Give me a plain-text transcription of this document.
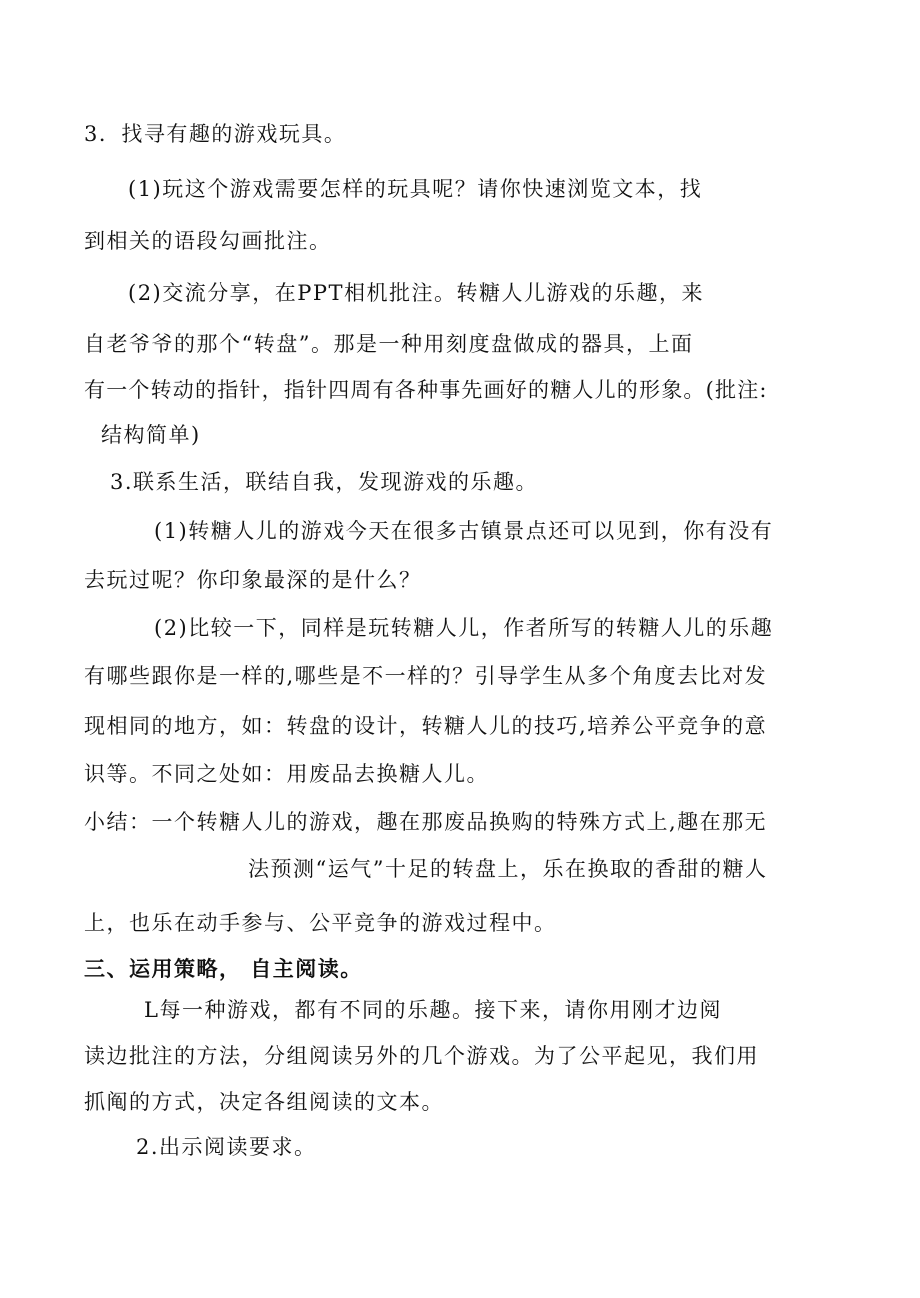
3．找寻有趣的游戏玩具。
(1)玩这个游戏需要怎样的玩具呢？请你快速浏览文本，找
到相关的语段勾画批注。
(2)交流分享，在PPT相机批注。转糖人儿游戏的乐趣，来
自老爷爷的那个“转盘”。那是一种用刻度盘做成的器具，上面
有一个转动的指针，指针四周有各种事先画好的糖人儿的形象。(批注:
结构简单)
3.联系生活，联结自我，发现游戏的乐趣。
(1)转糖人儿的游戏今天在很多古镇景点还可以见到，你有没有
去玩过呢？你印象最深的是什么？
(2)比较一下，同样是玩转糖人儿，作者所写的转糖人儿的乐趣
有哪些跟你是一样的,哪些是不一样的？引导学生从多个角度去比对发
现相同的地方，如：转盘的设计，转糖人儿的技巧,培养公平竞争的意
识等。不同之处如：用废品去换糖人儿。
小结：一个转糖人儿的游戏，趣在那废品换购的特殊方式上,趣在那无
法预测“运气”十足的转盘上，乐在换取的香甜的糖人
上，也乐在动手参与、公平竞争的游戏过程中。
三、运用策略， 自主阅读。
L每一种游戏，都有不同的乐趣。接下来，请你用刚才边阅
读边批注的方法，分组阅读另外的几个游戏。为了公平起见，我们用
抓阄的方式，决定各组阅读的文本。
2.出示阅读要求。
